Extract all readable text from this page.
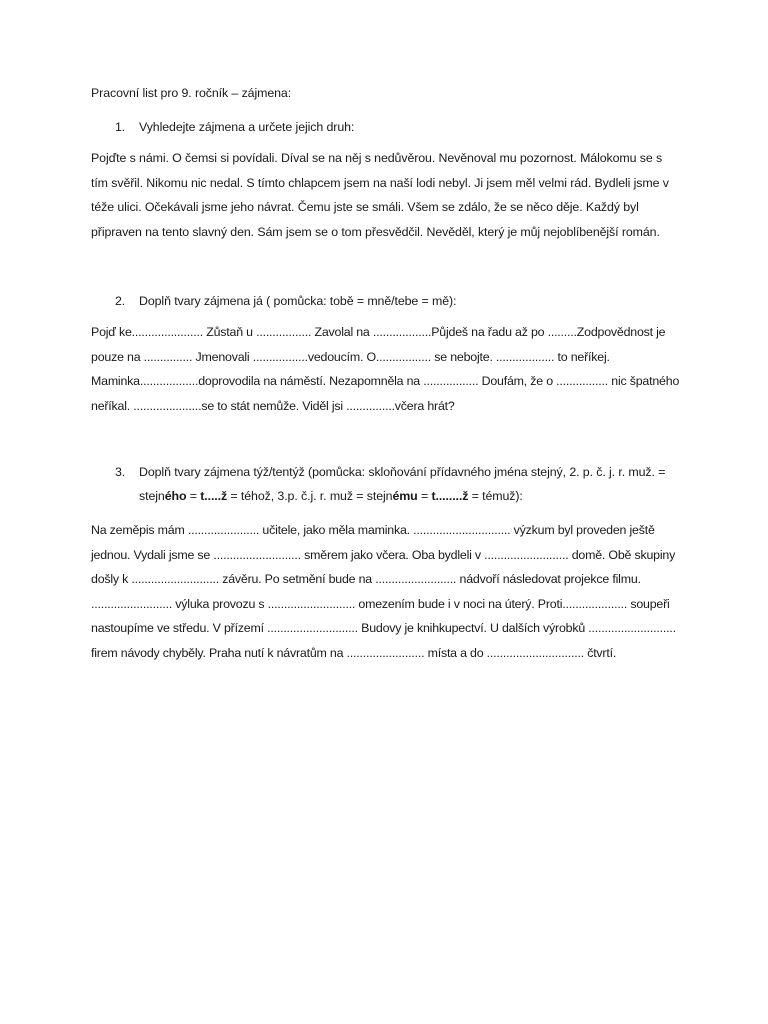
Pracovní list pro 9. ročník – zájmena:
1. Vyhledejte zájmena a určete jejich druh:

Pojďte s námi. O čemsi si povídali. Díval se na něj s nedůvěrou. Nevěnoval mu pozornost. Málokomu se s tím svěřil. Nikomu nic nedal. S tímto chlapcem jsem na naší lodi nebyl. Ji jsem měl velmi rád. Bydleli jsme v téže ulici. Očekávali jsme jeho návrat. Čemu jste se smáli. Všem se zdálo, že se něco děje. Každý byl připraven na tento slavný den. Sám jsem se o tom přesvědčil. Nevěděl, který je můj nejoblíbenější román.

2. Doplň tvary zájmena já ( pomůcka: tobě = mně/tebe = mě):

Pojď ke...................... Zůstaň u ................. Zavolal na ..................Půjdeš na řadu až po .........Zodpovědnost je pouze na ............... Jmenovali .................vedoucím. O................. se nebojte. .................. to neříkej. Maminka..................doprovodila na náměstí. Nezapomněla na ................. Doufám, že o ................ nic špatného neříkal. .....................se to stát nemůže. Viděl jsi ...............včera hrát?

3. Doplň tvary zájmena týž/tentýž (pomůcka: skloňování přídavného jména stejný, 2. p. č. j. r. muž. = stejného = t.....ž = téhož, 3.p. č.j. r. muž = stejnému = t........ž = témuž):

Na zeměpis mám ...................... učitele, jako měla maminka. .............................. výzkum byl proveden ještě jednou. Vydali jsme se ........................... směrem jako včera. Oba bydleli v .......................... domě. Obě skupiny došly k ........................... závěru. Po setmění bude na ......................... nádvoří následovat projekce filmu. ......................... výluka provozu s ........................... omezením bude i v noci na úterý. Proti.................... soupeři nastoupíme ve středu. V přízemí ............................ Budovy je knihkupectví. U dalších výrobků ........................... firem návody chyběly. Praha nutí k návratům na ........................ místa a do .............................. čtvrtí.
